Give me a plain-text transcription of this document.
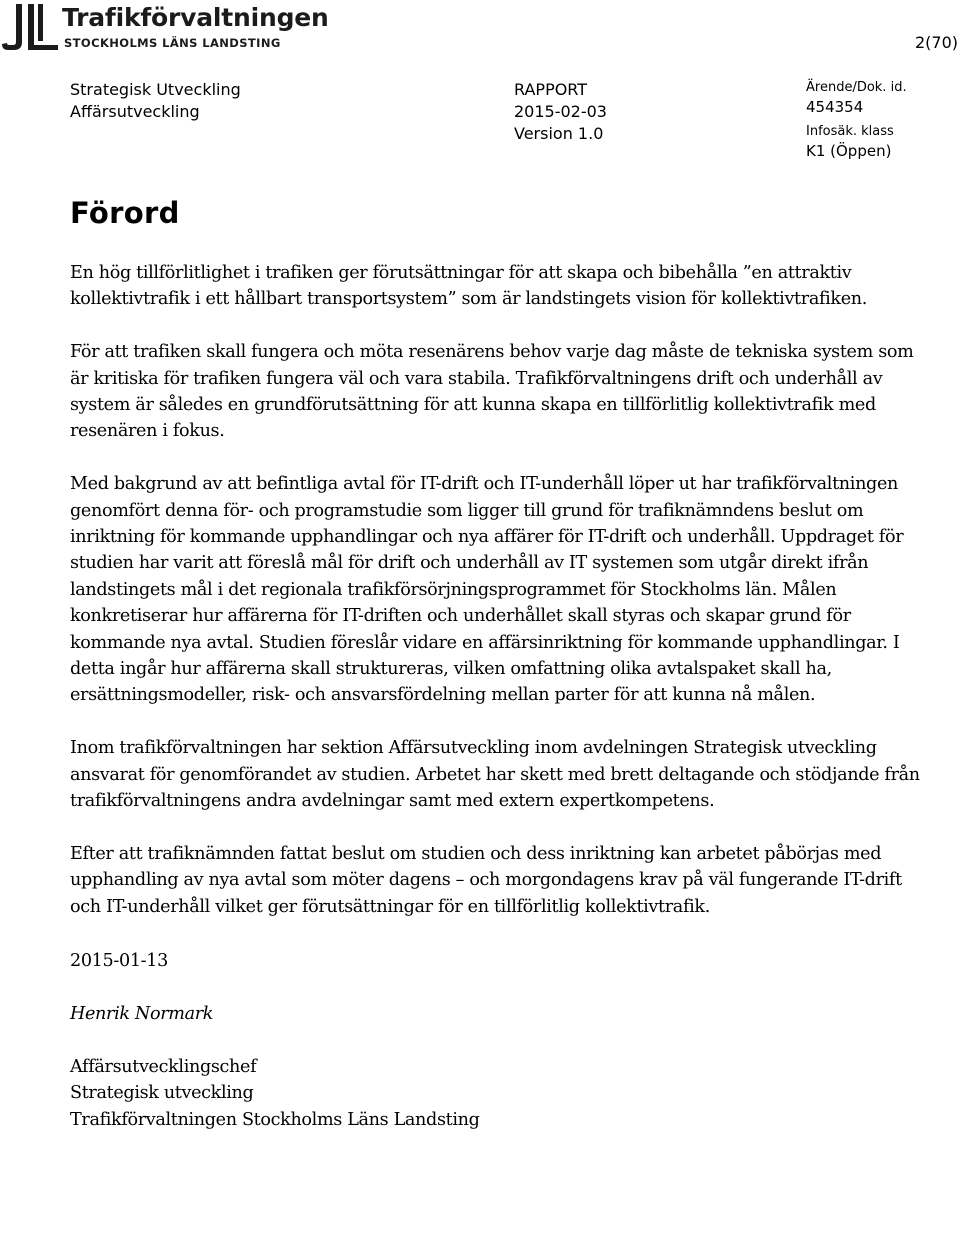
Trafikförvaltningen
STOCKHOLMS LÄNS LANDSTING	2(70)
Strategisk Utveckling
Affärsutveckling
RAPPORT
2015-02-03
Version 1.0
Ärende/Dok. id.
454354
Infosäk. klass
K1 (Öppen)
Förord

En hög tillförlitlighet i trafiken ger förutsättningar för att skapa och bibehålla ”en attraktiv kollektivtrafik i ett hållbart transportsystem” som är landstingets vision för kollektivtrafiken.

För att trafiken skall fungera och möta resenärens behov varje dag måste de tekniska system som är kritiska för trafiken fungera väl och vara stabila. Trafikförvaltningens drift och underhåll av system är således en grundförutsättning för att kunna skapa en tillförlitlig kollektivtrafik med resenären i fokus.

Med bakgrund av att befintliga avtal för IT-drift och IT-underhåll löper ut har trafikförvaltningen genomfört denna för- och programstudie som ligger till grund för trafiknämndens beslut om inriktning för kommande upphandlingar och nya affärer för IT-drift och underhåll. Uppdraget för studien har varit att föreslå mål för drift och underhåll av IT systemen som utgår direkt ifrån landstingets mål i det regionala trafikförsörjningsprogrammet för Stockholms län. Målen konkretiserar hur affärerna för IT-driften och underhållet skall styras och skapar grund för kommande nya avtal. Studien föreslår vidare en affärsinriktning för kommande upphandlingar. I detta ingår hur affärerna skall struktureras, vilken omfattning olika avtalspaket skall ha, ersättningsmodeller, risk- och ansvarsfördelning mellan parter för att kunna nå målen.

Inom trafikförvaltningen har sektion Affärsutveckling inom avdelningen Strategisk utveckling ansvarat för genomförandet av studien. Arbetet har skett med brett deltagande och stödjande från trafikförvaltningens andra avdelningar samt med extern expertkompetens.

Efter att trafiknämnden fattat beslut om studien och dess inriktning kan arbetet påbörjas med upphandling av nya avtal som möter dagens – och morgondagens krav på väl fungerande IT-drift och IT-underhåll vilket ger förutsättningar för en tillförlitlig kollektivtrafik.

2015-01-13

Henrik Normark

Affärsutvecklingschef

Strategisk utveckling

Trafikförvaltningen Stockholms Läns Landsting
